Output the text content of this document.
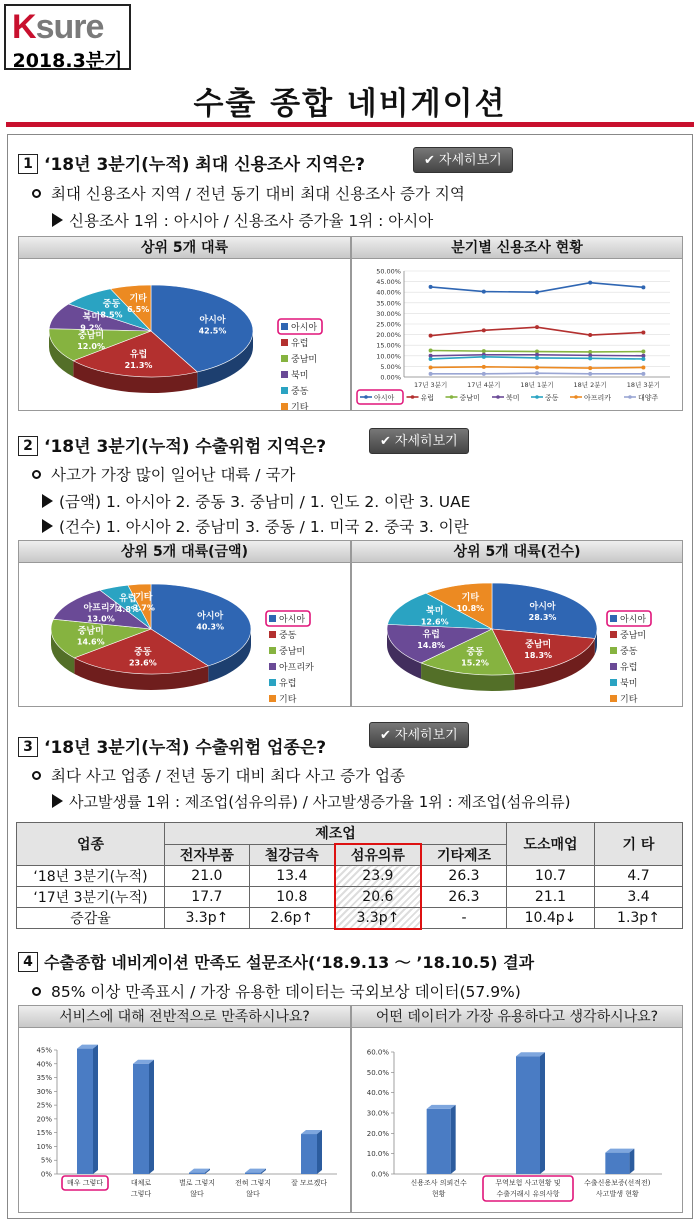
Ksure
2018.3분기
수출 종합 네비게이션
1 ‘18년 3분기(누적) 최대 신용조사 지역은?	✔ 자세히보기
최대 신용조사 지역 / 전년 동기 대비 최대 신용조사 증가 지역
신용조사 1위 : 아시아 / 신용조사 증가율 1위 : 아시아
상위 5개 대륙
아시아
42.5%
유럽
21.3%
중남미
12.0%
북미
9.2%
중동
8.5%
기타
6.5%
아시아
유럽
중남미
북미
중동
기타
분기별 신용조사 현황
0.00%
5.00%
10.00%
15.00%
20.00%
25.00%
30.00%
35.00%
40.00%
45.00%
50.00%
17년 3분기	17년 4분기	18년 1분기	18년 2분기	18년 3분기
아시아	유럽	중남미	북미	중동	아프리카	대양주
2 ‘18년 3분기(누적) 수출위험 지역은?	✔ 자세히보기
사고가 가장 많이 일어난 대륙 / 국가
(금액) 1. 아시아 2. 중동 3. 중남미 / 1. 인도 2. 이란 3. UAE
(건수) 1. 아시아 2. 중남미 3. 중동 / 1. 미국 2. 중국 3. 이란
상위 5개 대륙(금액)
아시아
40.3%
중동
23.6%
중남미
14.6%
아프리카
13.0%
유럽
4.8%
기타
3.7%
아시아
중동
중남미
아프리카
유럽
기타
상위 5개 대륙(건수)
아시아
28.3%
중남미
18.3%
중동
15.2%
유럽
14.8%
북미
12.6%
기타
10.8%
아시아
중남미
중동
유럽
북미
기타
3 ‘18년 3분기(누적) 수출위험 업종은?
✔ 자세히보기
최다 사고 업종 / 전년 동기 대비 최다 사고 증가 업종
사고발생률 1위 : 제조업(섬유의류) / 사고발생증가율 1위 : 제조업(섬유의류)
업종	제조업				도소매업	기 타
	전자부품	철강금속	섬유의류	기타제조		
‘18년 3분기(누적)	21.0	13.4	23.9	26.3	10.7	4.7
‘17년 3분기(누적)	17.7	10.8	20.6	26.3	21.1	3.4
증감율	3.3p↑	2.6p↑	3.3p↑	-	10.4p↓	1.3p↑
4 수출종합 네비게이션 만족도 설문조사(‘18.9.13 ～ ’18.10.5) 결과
85% 이상 만족표시 / 가장 유용한 데이터는 국외보상 데이터(57.9%)
서비스에 대해 전반적으로 만족하시나요?
0%
5%
10%
15%
20%
25%
30%
35%
40%
45%
매우 그렇다	대체로
그렇다
별로 그렇지
않다
전혀 그렇지
않다
잘 모르겠다
어떤 데이터가 가장 유용하다고 생각하시나요?
0.0%
10.0%
20.0%
30.0%
40.0%
50.0%
60.0%
신용조사 의뢰건수
현황
무역보험 사고현황 및
수출거래시 유의사항
수출신용보증(선적전)
사고발생 현황
